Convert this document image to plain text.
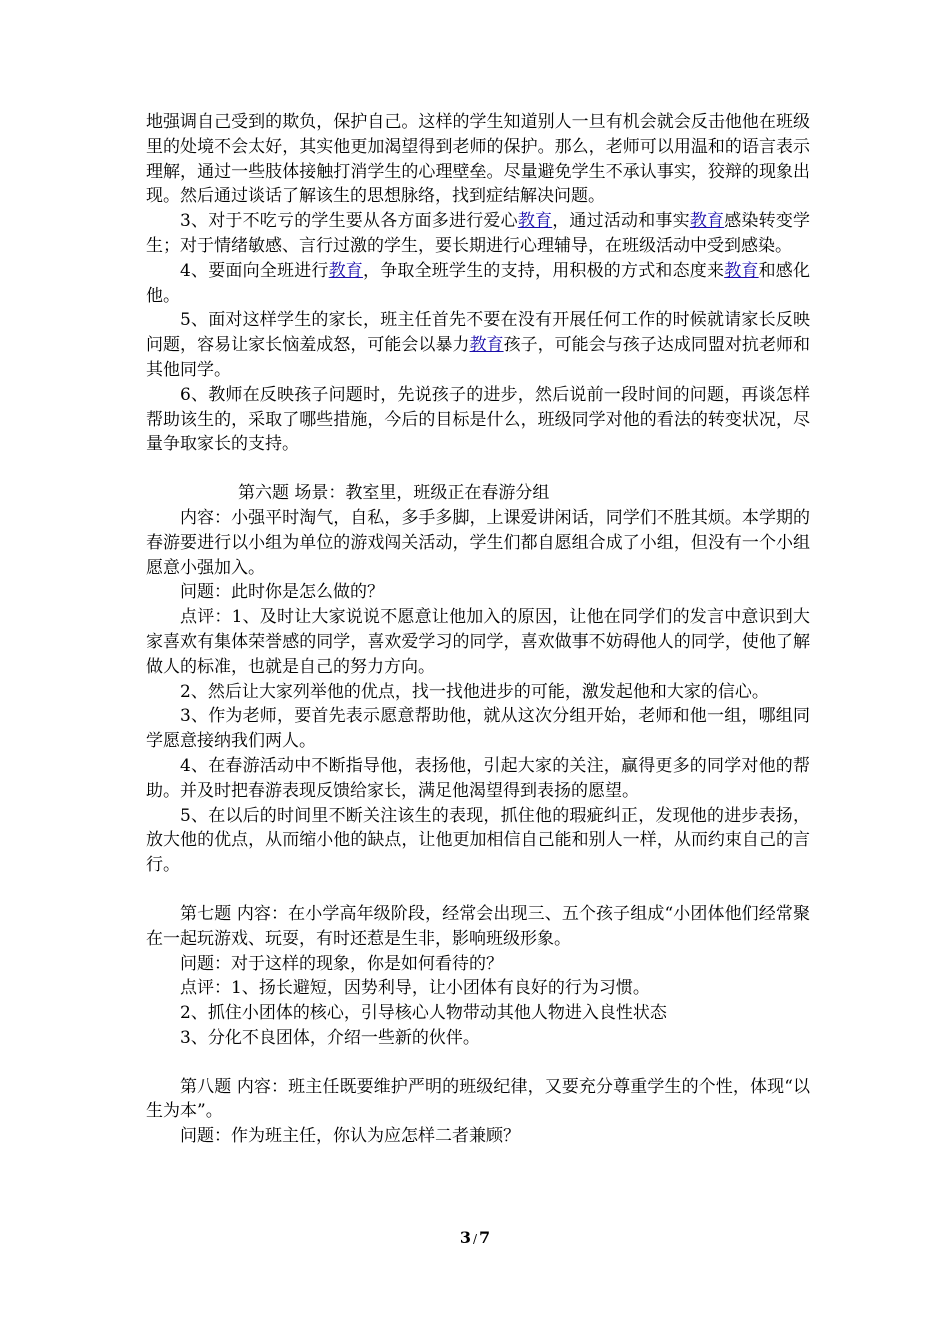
地强调自己受到的欺负，保护自己。这样的学生知道别人一旦有机会就会反击他他在班级里的处境不会太好，其实他更加渴望得到老师的保护。那么，老师可以用温和的语言表示理解，通过一些肢体接触打消学生的心理壁垒。尽量避免学生不承认事实，狡辩的现象出现。然后通过谈话了解该生的思想脉络，找到症结解决问题。

3、对于不吃亏的学生要从各方面多进行爱心教育，通过活动和事实教育感染转变学生；对于情绪敏感、言行过激的学生，要长期进行心理辅导，在班级活动中受到感染。

4、要面向全班进行教育，争取全班学生的支持，用积极的方式和态度来教育和感化他。

5、面对这样学生的家长，班主任首先不要在没有开展任何工作的时候就请家长反映问题，容易让家长恼羞成怒，可能会以暴力教育孩子，可能会与孩子达成同盟对抗老师和其他同学。

6、教师在反映孩子问题时，先说孩子的进步，然后说前一段时间的问题，再谈怎样帮助该生的，采取了哪些措施，今后的目标是什么，班级同学对他的看法的转变状况，尽量争取家长的支持。

第六题 场景：教室里，班级正在春游分组

内容：小强平时淘气，自私，多手多脚，上课爱讲闲话，同学们不胜其烦。本学期的春游要进行以小组为单位的游戏闯关活动，学生们都自愿组合成了小组，但没有一个小组愿意小强加入。

问题：此时你是怎么做的？

点评：1、及时让大家说说不愿意让他加入的原因，让他在同学们的发言中意识到大家喜欢有集体荣誉感的同学，喜欢爱学习的同学，喜欢做事不妨碍他人的同学，使他了解做人的标准，也就是自己的努力方向。

2、然后让大家列举他的优点，找一找他进步的可能，激发起他和大家的信心。

3、作为老师，要首先表示愿意帮助他，就从这次分组开始，老师和他一组，哪组同学愿意接纳我们两人。

4、在春游活动中不断指导他，表扬他，引起大家的关注，赢得更多的同学对他的帮助。并及时把春游表现反馈给家长，满足他渴望得到表扬的愿望。

5、在以后的时间里不断关注该生的表现，抓住他的瑕疵纠正，发现他的进步表扬，放大他的优点，从而缩小他的缺点，让他更加相信自己能和别人一样，从而约束自己的言行。

第七题 内容：在小学高年级阶段，经常会出现三、五个孩子组成“小团体他们经常聚在一起玩游戏、玩耍，有时还惹是生非，影响班级形象。

问题：对于这样的现象，你是如何看待的？

点评：1、扬长避短，因势利导，让小团体有良好的行为习惯。

2、抓住小团体的核心，引导核心人物带动其他人物进入良性状态

3、分化不良团体，介绍一些新的伙伴。

第八题 内容：班主任既要维护严明的班级纪律，又要充分尊重学生的个性，体现“以生为本”。

问题：作为班主任，你认为应怎样二者兼顾？

3 / 7
